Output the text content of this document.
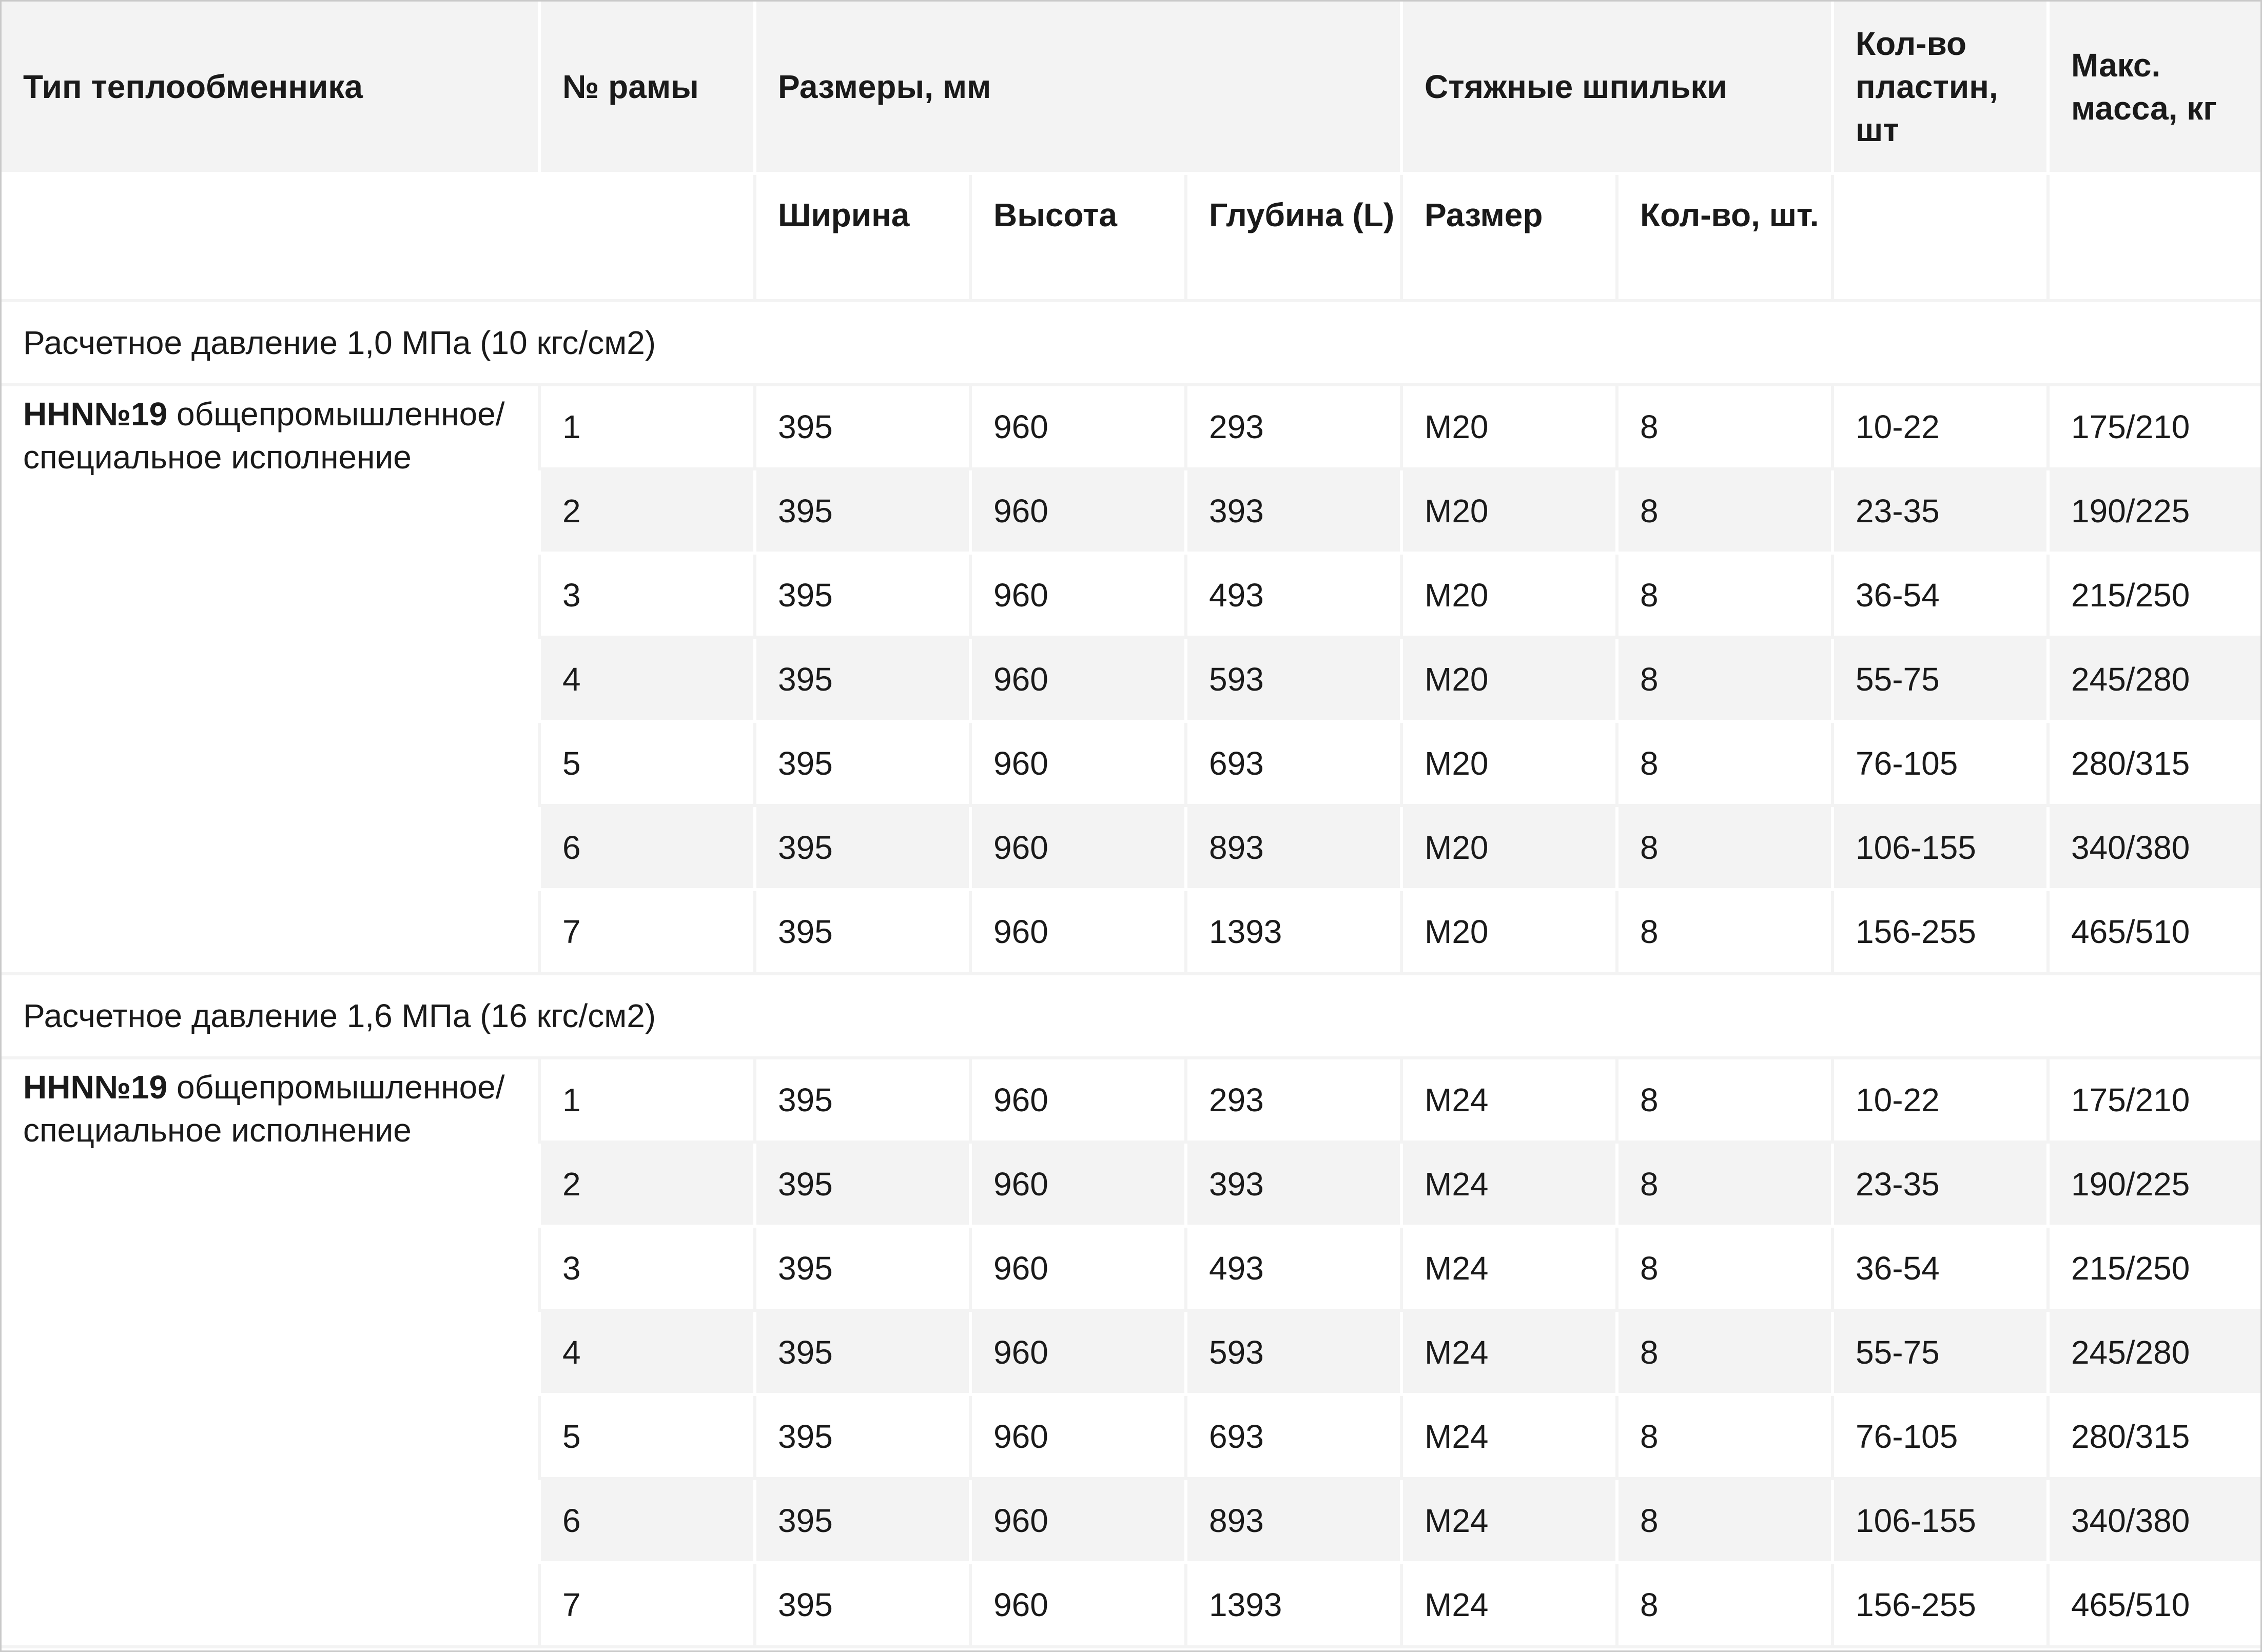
Тип теплообменника	№ рамы	Размеры, мм			Стяжные шпильки		Кол-во пластин, шт	Макс. масса, кг
		Ширина	Высота	Глубина (L)	Размер	Кол-во, шт.		
Расчетное давление 1,0 МПа (10 кгс/см2)								
ННN№19 общепромышленное/ специальное исполнение	1	395	960	293	M20	8	10-22	175/210
	2	395	960	393	M20	8	23-35	190/225
	3	395	960	493	M20	8	36-54	215/250
	4	395	960	593	M20	8	55-75	245/280
	5	395	960	693	M20	8	76-105	280/315
	6	395	960	893	M20	8	106-155	340/380
	7	395	960	1393	M20	8	156-255	465/510
Расчетное давление 1,6 МПа (16 кгс/см2)								
ННN№19 общепромышленное/ специальное исполнение	1	395	960	293	M24	8	10-22	175/210
	2	395	960	393	M24	8	23-35	190/225
	3	395	960	493	M24	8	36-54	215/250
	4	395	960	593	M24	8	55-75	245/280
	5	395	960	693	M24	8	76-105	280/315
	6	395	960	893	M24	8	106-155	340/380
	7	395	960	1393	M24	8	156-255	465/510
